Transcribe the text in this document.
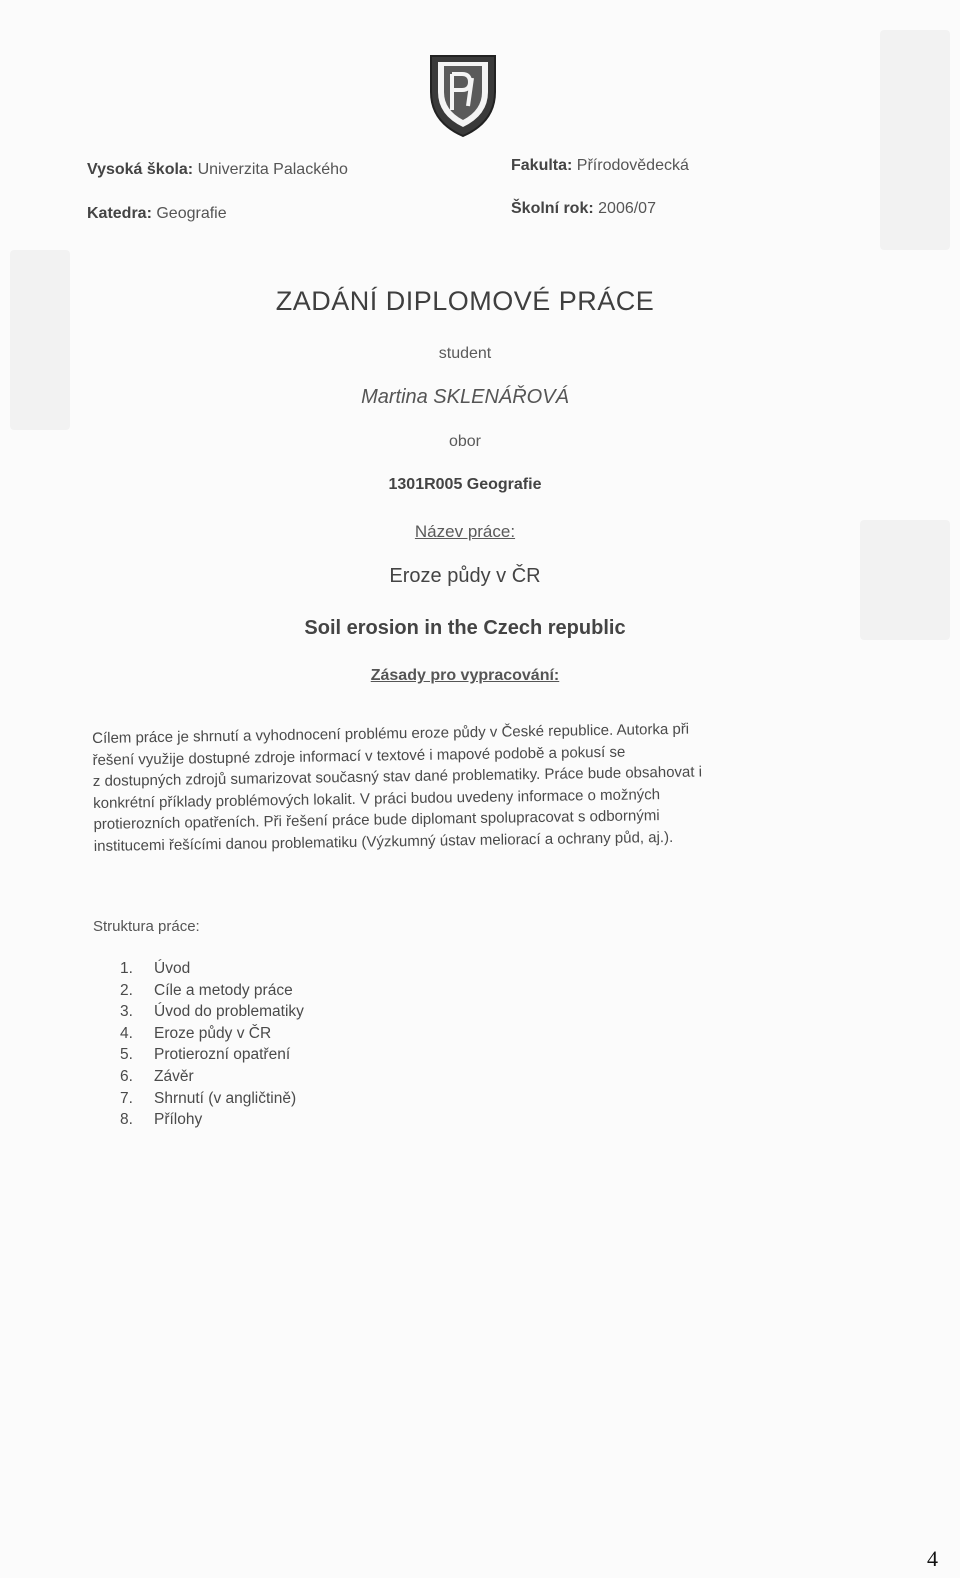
Vysoká škola: Univerzita Palackého	Fakulta: Přírodovědecká
Katedra: Geografie	Školní rok: 2006/07
ZADÁNÍ DIPLOMOVÉ PRÁCE
student
Martina SKLENÁŘOVÁ
obor
1301R005 Geografie
Název práce:
Eroze půdy v ČR
Soil erosion in the Czech republic
Zásady pro vypracování:
Cílem práce je shrnutí a vyhodnocení problému eroze půdy v České republice. Autorka při
řešení využije dostupné zdroje informací v textové i mapové podobě a pokusí se
z dostupných zdrojů sumarizovat současný stav dané problematiky. Práce bude obsahovat i
konkrétní příklady problémových lokalit. V práci budou uvedeny informace o možných
protierozních opatřeních. Při řešení práce bude diplomant spolupracovat s odbornými
institucemi řešícími danou problematiku (Výzkumný ústav meliorací a ochrany půd, aj.).
Struktura práce:
1. Úvod
2. Cíle a metody práce
3. Úvod do problematiky
4. Eroze půdy v ČR
5. Protierozní opatření
6. Závěr
7. Shrnutí (v angličtině)
8. Přílohy
4
